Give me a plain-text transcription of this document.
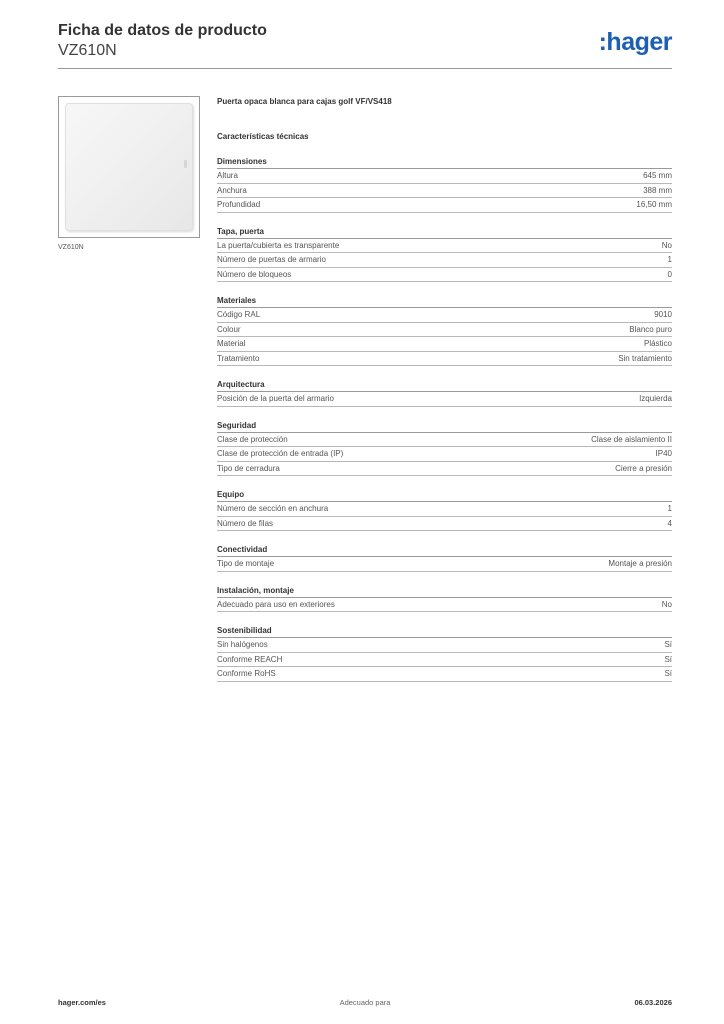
Ficha de datos de producto
VZ610N	:hager
VZ610N
Puerta opaca blanca para cajas golf VF/VS418
Características técnicas
Dimensiones
Altura	645 mm
Anchura	388 mm
Profundidad	16,50 mm
Tapa, puerta
La puerta/cubierta es transparente	No
Número de puertas de armario	1
Número de bloqueos	0
Materiales
Código RAL	9010
Colour	Blanco puro
Material	Plástico
Tratamiento	Sin tratamiento
Arquitectura
Posición de la puerta del armario	Izquierda
Seguridad
Clase de protección	Clase de aislamiento II
Clase de protección de entrada (IP)	IP40
Tipo de cerradura	Cierre a presión
Equipo
Número de sección en anchura	1
Número de filas	4
Conectividad
Tipo de montaje	Montaje a presión
Instalación, montaje
Adecuado para uso en exteriores	No
Sostenibilidad
Sin halógenos	Sí
Conforme REACH	Sí
Conforme RoHS	Sí
Adecuado para
hager.com/es	06.03.2026
